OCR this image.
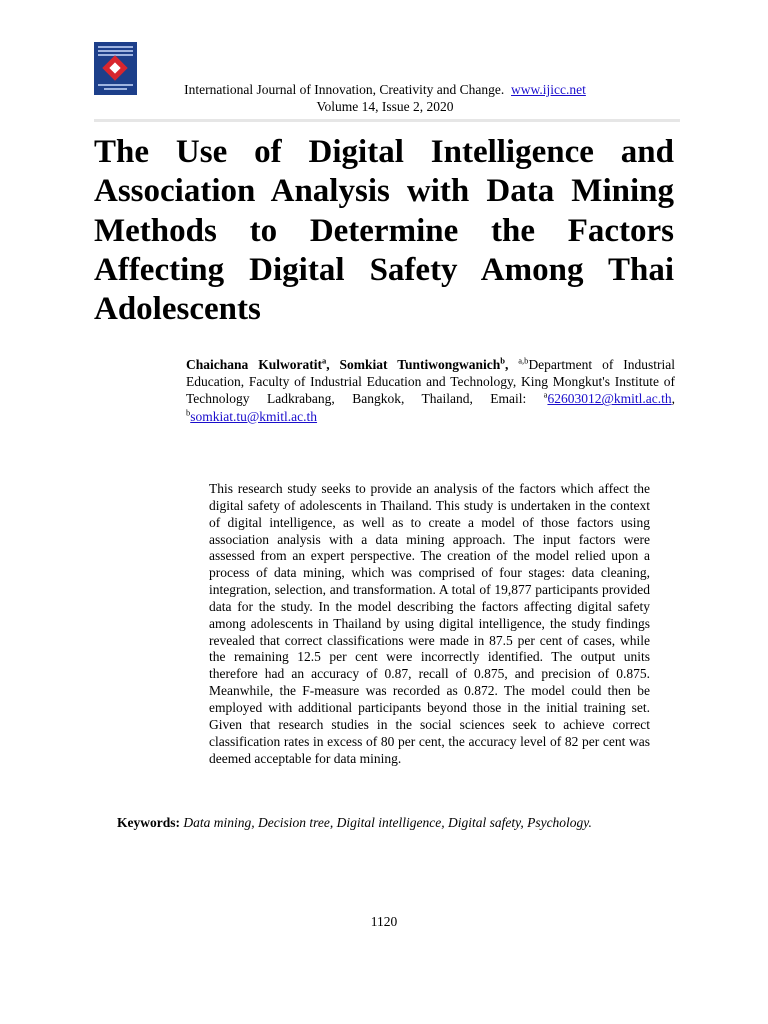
International Journal of Innovation, Creativity and Change. www.ijicc.net
Volume 14, Issue 2, 2020
The Use of Digital Intelligence and Association Analysis with Data Mining Methods to Determine the Factors Affecting Digital Safety Among Thai Adolescents

Chaichana Kulworatit$^a$, Somkiat Tuntiwongwanich$^b$, $^{a,b}$Department of Industrial Education, Faculty of Industrial Education and Technology, King Mongkut's Institute of Technology Ladkrabang, Bangkok, Thailand, Email: $^a$62603012@kmitl.ac.th, $^b$somkiat.tu@kmitl.ac.th

This research study seeks to provide an analysis of the factors which affect the digital safety of adolescents in Thailand. This study is undertaken in the context of digital intelligence, as well as to create a model of those factors using association analysis with a data mining approach. The input factors were assessed from an expert perspective. The creation of the model relied upon a process of data mining, which was comprised of four stages: data cleaning, integration, selection, and transformation. A total of 19,877 participants provided data for the study. In the model describing the factors affecting digital safety among adolescents in Thailand by using digital intelligence, the study findings revealed that correct classifications were made in 87.5 per cent of cases, while the remaining 12.5 per cent were incorrectly identified. The output units therefore had an accuracy of 0.87, recall of 0.875, and precision of 0.875. Meanwhile, the F-measure was recorded as 0.872. The model could then be employed with additional participants beyond those in the initial training set. Given that research studies in the social sciences seek to achieve correct classification rates in excess of 80 per cent, the accuracy level of 82 per cent was deemed acceptable for data mining.

Keywords: Data mining, Decision tree, Digital intelligence, Digital safety, Psychology.

1120
